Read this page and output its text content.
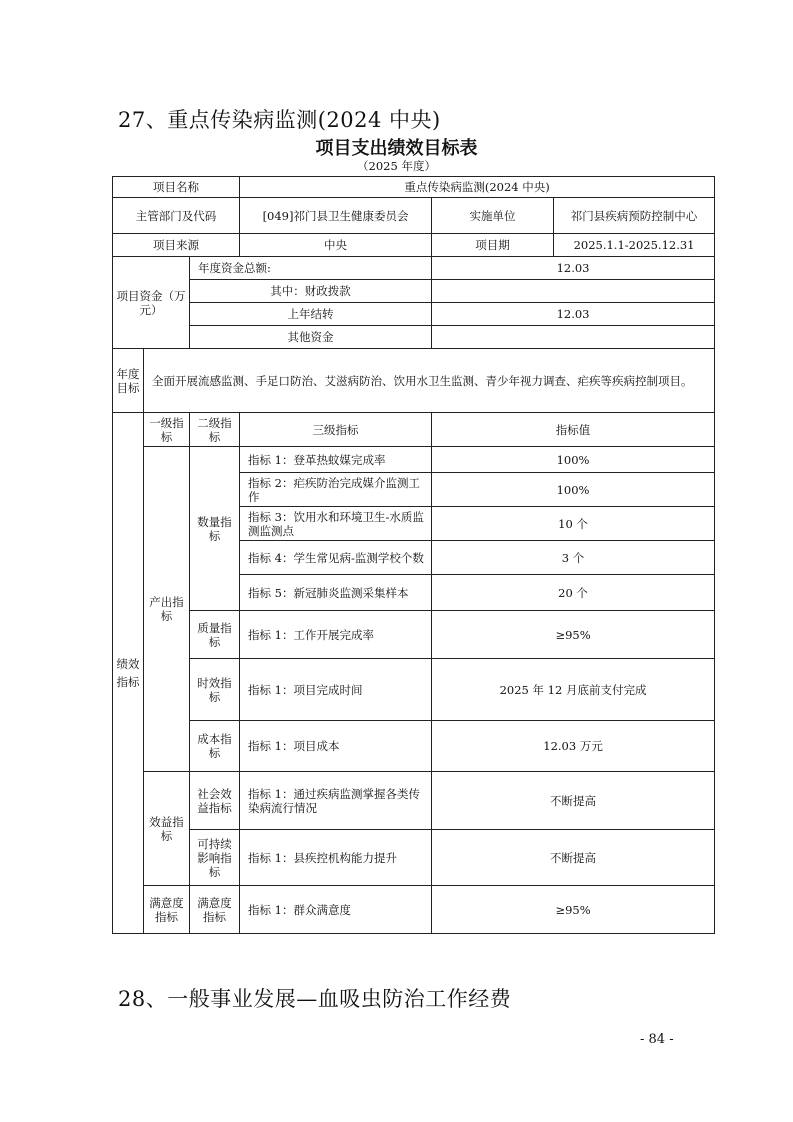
27、重点传染病监测(2024 中央)
项目支出绩效目标表
（2025 年度）
项目名称			重点传染病监测(2024 中央)		
主管部门及代码			[049]祁门县卫生健康委员会	实施单位	祁门县疾病预防控制中心
项目来源			中央	项目期	2025.1.1-2025.12.31
项目资金（万元）		年度资金总额:		12.03	
		其中：财政拨款			
		上年结转		12.03	
		其他资金			
年度目标	全面开展流感监测、手足口防治、艾滋病防治、饮用水卫生监测、青少年视力调查、疟疾等疾病控制项目。				
绩效指标	一级指标	二级指标	三级指标	指标值	
	产出指标	数量指标	指标 1：登革热蚊媒完成率	100%	
			指标 2：疟疾防治完成媒介监测工作	100%	
			指标 3：饮用水和环境卫生-水质监测监测点	10 个	
			指标 4：学生常见病-监测学校个数	3 个	
			指标 5：新冠肺炎监测采集样本	20 个	
		质量指标	指标 1：工作开展完成率	≥95%	
		时效指标	指标 1：项目完成时间	2025 年 12 月底前支付完成	
		成本指标	指标 1：项目成本	12.03 万元	
	效益指标	社会效益指标	指标 1：通过疾病监测掌握各类传染病流行情况	不断提高	
		可持续影响指标	指标 1：县疾控机构能力提升	不断提高	
	满意度指标	满意度指标	指标 1：群众满意度	≥95%	
28、一般事业发展—血吸虫防治工作经费
- 84 -
